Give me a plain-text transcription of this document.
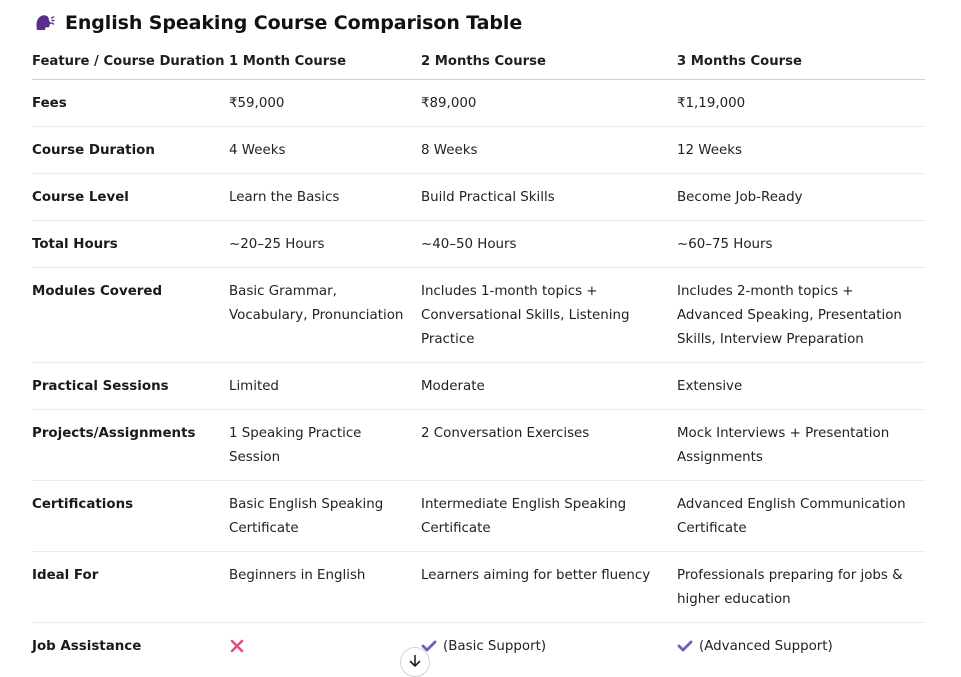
English Speaking Course Comparison Table
Feature / Course Duration	1 Month Course	2 Months Course	3 Months Course
Fees	₹59,000	₹89,000	₹1,19,000
Course Duration	4 Weeks	8 Weeks	12 Weeks
Course Level	Learn the Basics	Build Practical Skills	Become Job-Ready
Total Hours	~20–25 Hours	~40–50 Hours	~60–75 Hours
Modules Covered	Basic Grammar, Vocabulary, Pronunciation	Includes 1-month topics + Conversational Skills, Listening Practice	Includes 2-month topics + Advanced Speaking, Presentation Skills, Interview Preparation
Practical Sessions	Limited	Moderate	Extensive
Projects/Assignments	1 Speaking Practice Session	2 Conversation Exercises	Mock Interviews + Presentation Assignments
Certifications	Basic English Speaking Certificate	Intermediate English Speaking Certificate	Advanced English Communication Certificate
Ideal For	Beginners in English	Learners aiming for better fluency	Professionals preparing for jobs & higher education
Job Assistance		(Basic Support)	(Advanced Support)
